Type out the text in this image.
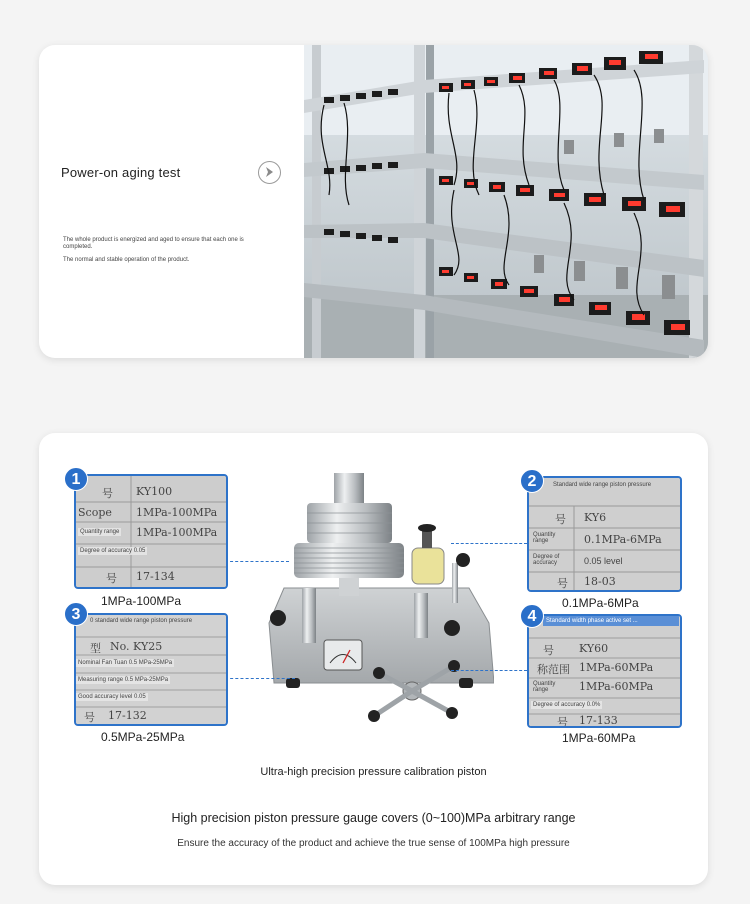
Power-on aging test
The whole product is energized and aged to ensure that each one is completed.
The normal and stable operation of the product.
号 KY100
Scope 1MPa-100MPa
Quantity range 1MPa-100MPa
Degree of accuracy 0.05
号 17-134
1
1MPa-100MPa
Standard wide range piston pressure
号 KY6
Quantity range	0.1MPa-6MPa
Degree of accuracy	0.05 level
号 18-03
2
0.1MPa-6MPa
0 standard wide range piston pressure
型 No. KY25
Nominal Fan Tuan 0.5 MPa-25MPa
Measuring range 0.5 MPa-25MPa
Good accuracy level 0.05
号 17-132
3
0.5MPa-25MPa
Standard width phase active set ...
号 KY60
称范围 1MPa-60MPa
Quantity range	1MPa-60MPa
Degree of accuracy 0.0%
号 17-133
4
1MPa-60MPa
Ultra-high precision pressure calibration piston
High precision piston pressure gauge covers (0~100)MPa arbitrary range
Ensure the accuracy of the product and achieve the true sense of 100MPa high pressure
